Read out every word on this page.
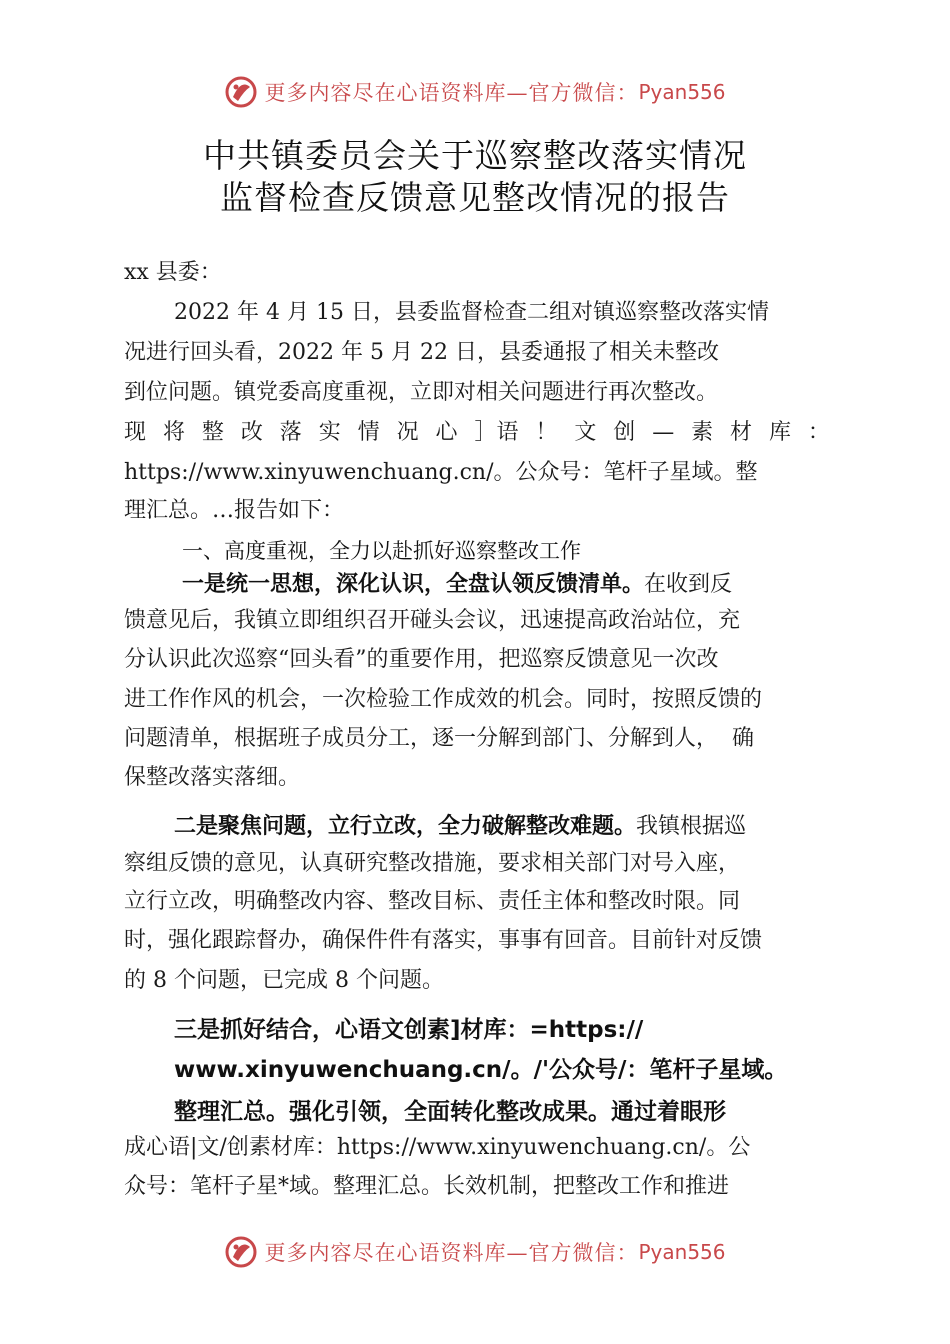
更多内容尽在心语资料库—官方微信： Pyan556
中共镇委员会关于巡察整改落实情况
监督检查反馈意见整改情况的报告
xx 县委：
2022 年 4 月 15 日，县委监督检查二组对镇巡察整改落实情
况进行回头看，2022 年 5 月 22 日，县委通报了相关未整改
到位问题。镇党委高度重视，立即对相关问题进行再次整改。
现 将 整 改 落 实 情 况 心 ］语 ！ 文 创 — 素 材 库 ：
https://www.xinyuwenchuang.cn/。公众号：笔杆子星域。整
理汇总。…报告如下：
一、高度重视，全力以赴抓好巡察整改工作
一是统一思想，深化认识，全盘认领反馈清单。在收到反
馈意见后，我镇立即组织召开碰头会议，迅速提高政治站位，充
分认识此次巡察“回头看”的重要作用，把巡察反馈意见一次改
进工作作风的机会，一次检验工作成效的机会。同时，按照反馈的
问题清单，根据班子成员分工，逐一分解到部门、分解到人，  确
保整改落实落细。
二是聚焦问题，立行立改，全力破解整改难题。我镇根据巡
察组反馈的意见，认真研究整改措施，要求相关部门对号入座，
立行立改，明确整改内容、整改目标、责任主体和整改时限。同
时，强化跟踪督办，确保件件有落实，事事有回音。目前针对反馈
的 8 个问题，已完成 8 个问题。
三是抓好结合，心语文创素]材库：=https://
www.xinyuwenchuang.cn/。/'公众号/：笔杆子星域。
整理汇总。强化引领，全面转化整改成果。通过着眼形
成心语|文/创素材库：https://www.xinyuwenchuang.cn/。公
众号：笔杆子星*域。整理汇总。长效机制，把整改工作和推进
更多内容尽在心语资料库—官方微信： Pyan556
